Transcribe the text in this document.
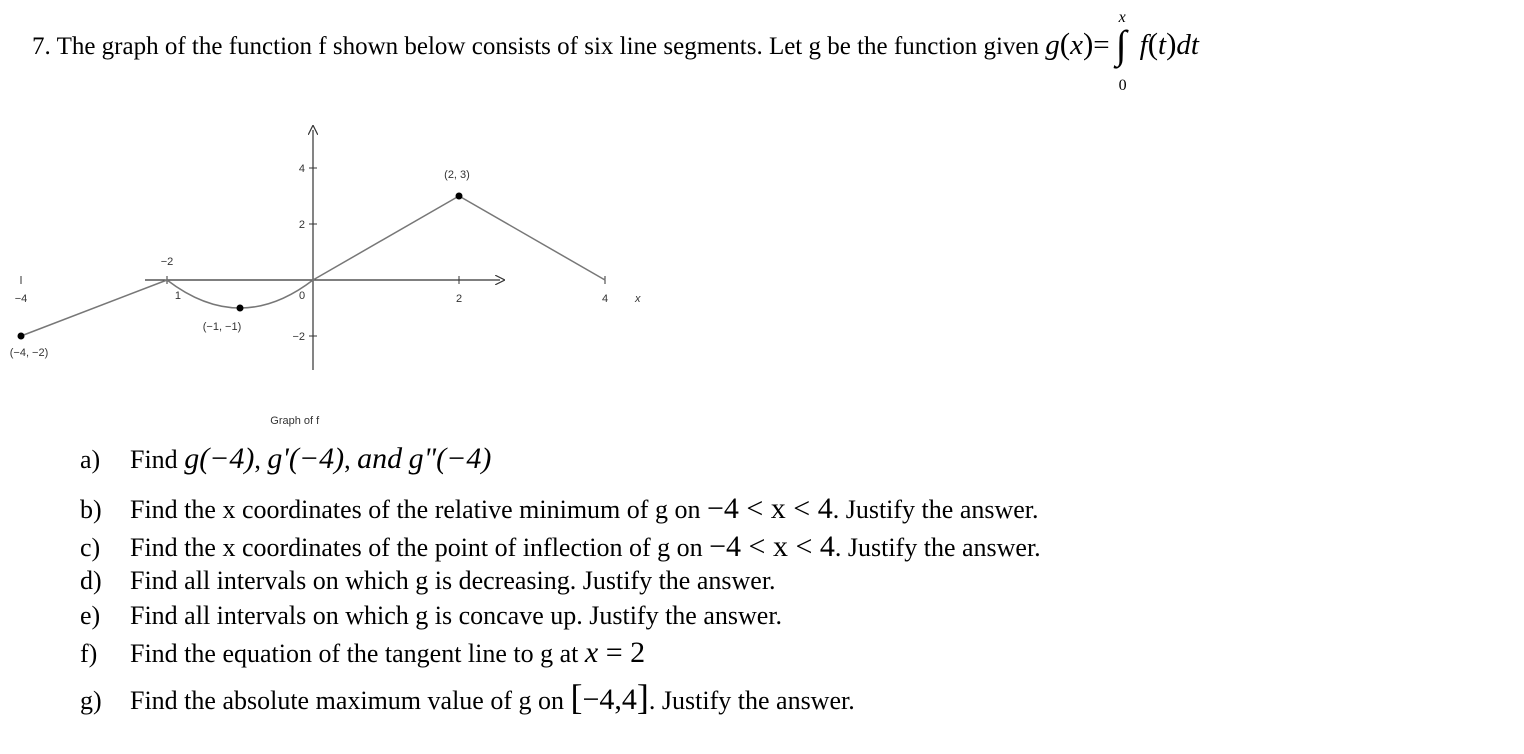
7. The graph of the function f shown below consists of six line segments. Let g be the function given g(x)=
x
∫
0
f(t)dt
−4
−2
2	4
4
2
−2
1	0
(−4, −2)
(−1, −1)
(2, 3)
x
Graph of f
a) Find g(−4), g'(−4), and g"(−4)
b) Find the x coordinates of the relative minimum of g on −4 < x < 4. Justify the answer.
c) Find the x coordinates of the point of inflection of g on −4 < x < 4. Justify the answer.
d) Find all intervals on which g is decreasing. Justify the answer.
e) Find all intervals on which g is concave up. Justify the answer.
f) Find the equation of the tangent line to g at x = 2
g) Find the absolute maximum value of g on [−4,4]. Justify the answer.
